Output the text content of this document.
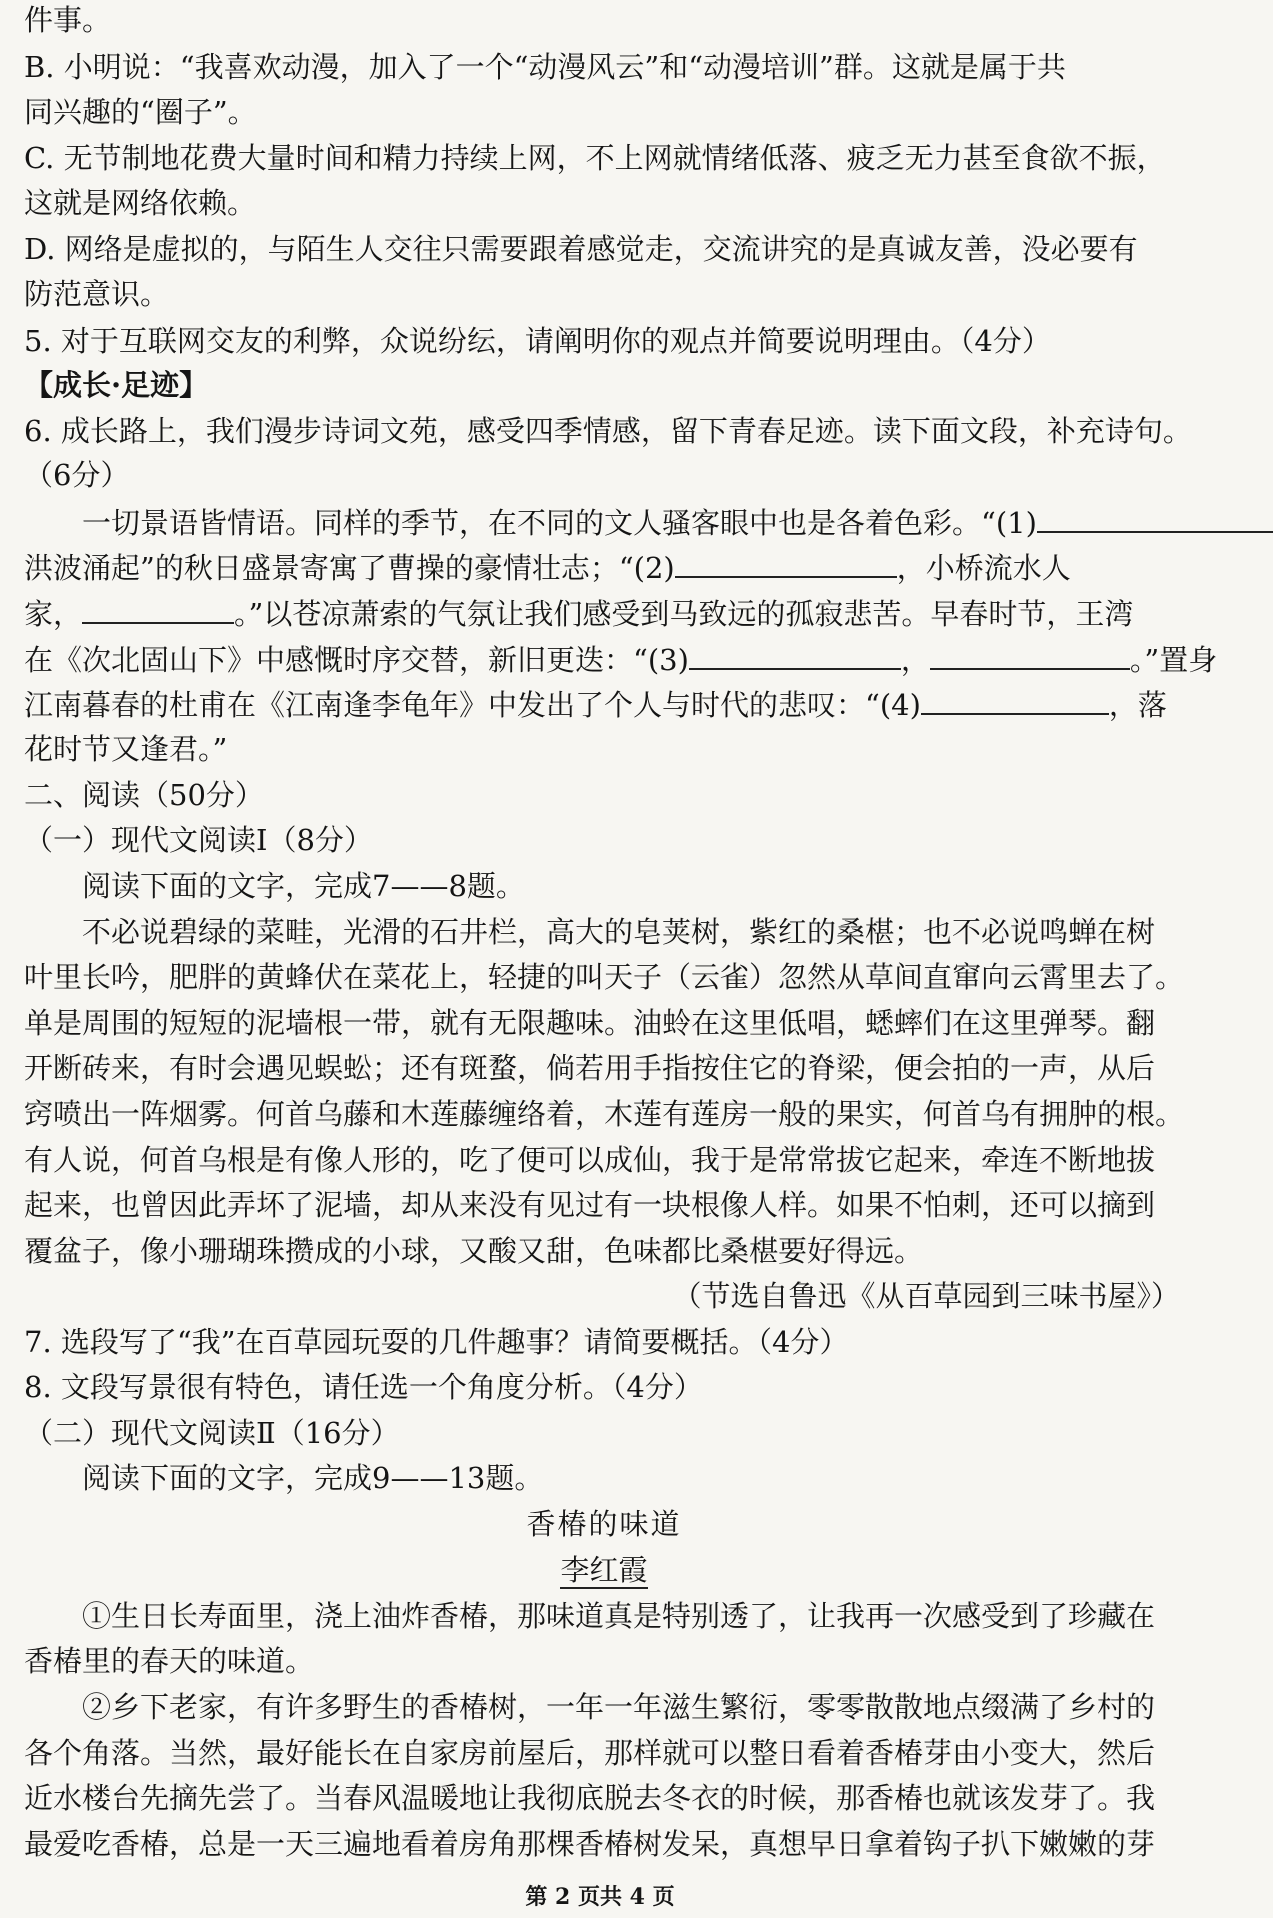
件事。
B. 小明说：“我喜欢动漫，加入了一个“动漫风云”和“动漫培训”群。这就是属于共
同兴趣的“圈子”。
C. 无节制地花费大量时间和精力持续上网，不上网就情绪低落、疲乏无力甚至食欲不振，
这就是网络依赖。
D. 网络是虚拟的，与陌生人交往只需要跟着感觉走，交流讲究的是真诚友善，没必要有
防范意识。
5. 对于互联网交友的利弊，众说纷纭，请阐明你的观点并简要说明理由。（4分）
【成长·足迹】
6. 成长路上，我们漫步诗词文苑，感受四季情感，留下青春足迹。读下面文段，补充诗句。
（6分）
一切景语皆情语。同样的季节，在不同的文人骚客眼中也是各着色彩。“(1)
洪波涌起”的秋日盛景寄寓了曹操的豪情壮志；“(2)	，小桥流水人
家，	。”以苍凉萧索的气氛让我们感受到马致远的孤寂悲苦。早春时节，王湾
在《次北固山下》中感慨时序交替，新旧更迭：“(3)	，	。”置身
江南暮春的杜甫在《江南逢李龟年》中发出了个人与时代的悲叹：“(4)	，落
花时节又逢君。”
二、阅读（50分）
（一）现代文阅读Ⅰ（8分）
阅读下面的文字，完成7——8题。
不必说碧绿的菜畦，光滑的石井栏，高大的皂荚树，紫红的桑椹；也不必说鸣蝉在树
叶里长吟，肥胖的黄蜂伏在菜花上，轻捷的叫天子（云雀）忽然从草间直窜向云霄里去了。
单是周围的短短的泥墙根一带，就有无限趣味。油蛉在这里低唱，蟋蟀们在这里弹琴。翻
开断砖来，有时会遇见蜈蚣；还有斑蝥，倘若用手指按住它的脊梁，便会拍的一声，从后
窍喷出一阵烟雾。何首乌藤和木莲藤缠络着，木莲有莲房一般的果实，何首乌有拥肿的根。
有人说，何首乌根是有像人形的，吃了便可以成仙，我于是常常拔它起来，牵连不断地拔
起来，也曾因此弄坏了泥墙，却从来没有见过有一块根像人样。如果不怕刺，还可以摘到
覆盆子，像小珊瑚珠攒成的小球，又酸又甜，色味都比桑椹要好得远。
（节选自鲁迅《从百草园到三味书屋》）
7. 选段写了“我”在百草园玩耍的几件趣事？请简要概括。（4分）
8. 文段写景很有特色，请任选一个角度分析。（4分）
（二）现代文阅读Ⅱ（16分）
阅读下面的文字，完成9——13题。
香椿的味道
李红霞
①生日长寿面里，浇上油炸香椿，那味道真是特别透了，让我再一次感受到了珍藏在
香椿里的春天的味道。
②乡下老家，有许多野生的香椿树，一年一年滋生繁衍，零零散散地点缀满了乡村的
各个角落。当然，最好能长在自家房前屋后，那样就可以整日看着香椿芽由小变大，然后
近水楼台先摘先尝了。当春风温暖地让我彻底脱去冬衣的时候，那香椿也就该发芽了。我
最爱吃香椿，总是一天三遍地看着房角那棵香椿树发呆，真想早日拿着钩子扒下嫩嫩的芽
第 2 页共 4 页
